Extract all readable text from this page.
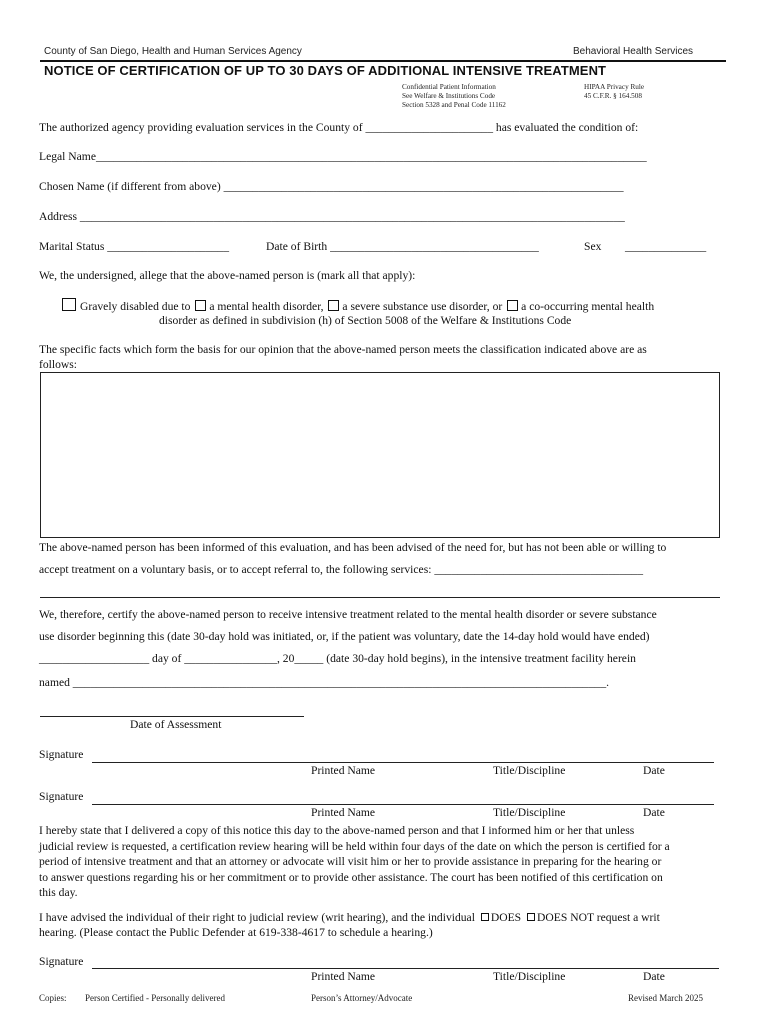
County of San Diego, Health and Human Services Agency	Behavioral Health Services
NOTICE OF CERTIFICATION OF UP TO 30 DAYS OF ADDITIONAL INTENSIVE TREATMENT
Confidential Patient Information
See Welfare & Institutions Code
Section 5328 and Penal Code 11162
HIPAA Privacy Rule
45 C.F.R. § 164.508
The authorized agency providing evaluation services in the County of ______________________ has evaluated the condition of:
Legal Name_______________________________________________________________________________________________
Chosen Name (if different from above) _____________________________________________________________________
Address ______________________________________________________________________________________________
Marital Status _____________________	Date of Birth ____________________________________	Sex ______________
We, the undersigned, allege that the above-named person is (mark all that apply):
Gravely disabled due to a mental health disorder, a severe substance use disorder, or a co-occurring mental health
disorder as defined in subdivision (h) of Section 5008 of the Welfare & Institutions Code
The specific facts which form the basis for our opinion that the above-named person meets the classification indicated above are as
follows:
The above-named person has been informed of this evaluation, and has been advised of the need for, but has not been able or willing to
accept treatment on a voluntary basis, or to accept referral to, the following services: ____________________________________
We, therefore, certify the above-named person to receive intensive treatment related to the mental health disorder or severe substance
use disorder beginning this (date 30-day hold was initiated, or, if the patient was voluntary, date the 14-day hold would have ended)
___________________ day of ________________, 20_____ (date 30-day hold begins), in the intensive treatment facility herein
named ____________________________________________________________________________________________.
Date of Assessment
Signature
Printed Name	Title/Discipline	Date
Signature
Printed Name	Title/Discipline	Date
I hereby state that I delivered a copy of this notice this day to the above-named person and that I informed him or her that unless
judicial review is requested, a certification review hearing will be held within four days of the date on which the person is certified for a
period of intensive treatment and that an attorney or advocate will visit him or her to provide assistance in preparing for the hearing or
to answer questions regarding his or her commitment or to provide other assistance. The court has been notified of this certification on
this day.
I have advised the individual of their right to judicial review (writ hearing), and the individual DOES DOES NOT request a writ
hearing. (Please contact the Public Defender at 619-338-4617 to schedule a hearing.)
Signature
Printed Name	Title/Discipline	Date
Copies: Person Certified - Personally delivered	Person’s Attorney/Advocate	Revised March 2025
